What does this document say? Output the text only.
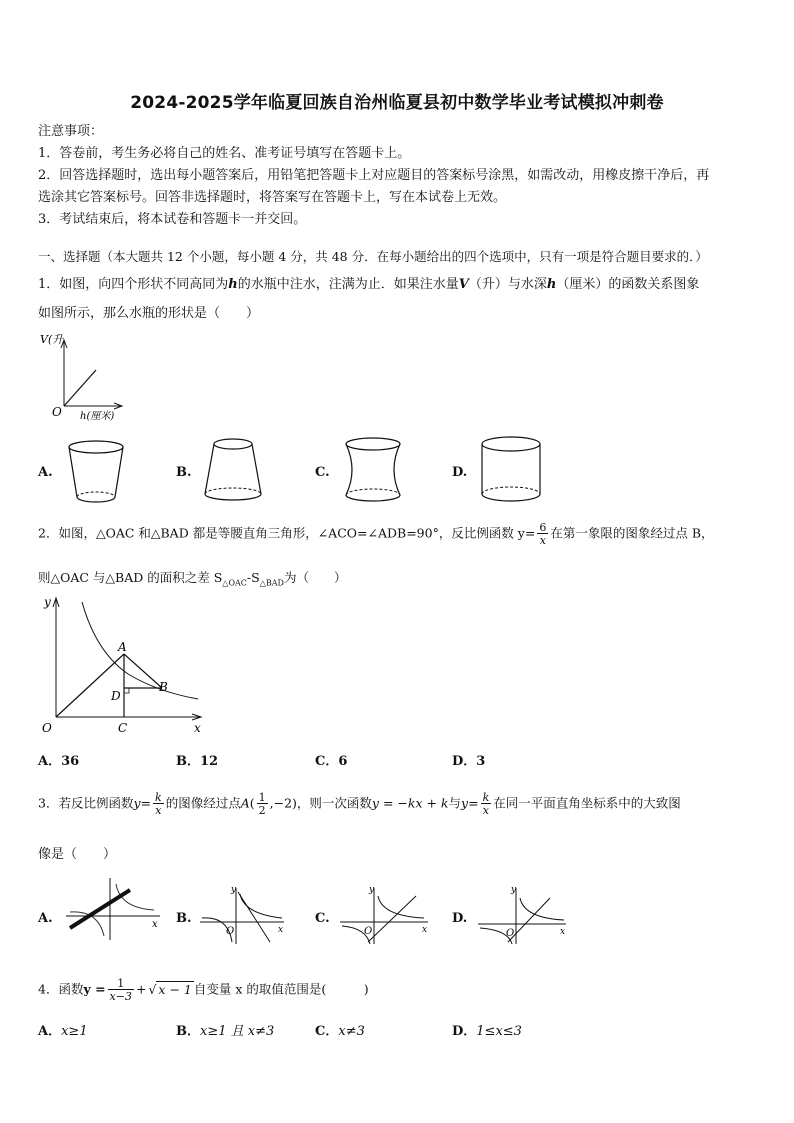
2024-2025学年临夏回族自治州临夏县初中数学毕业考试模拟冲刺卷
注意事项：
1．答卷前，考生务必将自己的姓名、准考证号填写在答题卡上。
2．回答选择题时，选出每小题答案后，用铅笔把答题卡上对应题目的答案标号涂黑，如需改动，用橡皮擦干净后，再
选涂其它答案标号。回答非选择题时，将答案写在答题卡上，写在本试卷上无效。
3．考试结束后，将本试卷和答题卡一并交回。
一、选择题（本大题共 12 个小题，每小题 4 分，共 48 分．在每小题给出的四个选项中，只有一项是符合题目要求的．）
1．如图，向四个形状不同高同为h的水瓶中注水，注满为止．如果注水量V（升）与水深h（厘米）的函数关系图象
如图所示，那么水瓶的形状是（　　）
V(升
O h(厘米)
A.	B.	C.	D.
2．如图，△OAC 和△BAD 都是等腰直角三角形，∠ACO=∠ADB=90°，反比例函数 $y= \frac{6}{x}$ 在第一象限的图象经过点 B，
则△OAC 与△BAD 的面积之差 $S_{\triangle OAC}-S_{\triangle BAD}$为（　　）
y
x
O
A
B
C
D
A．36	B．12	C．6	D．3
3．若反比例函数$y= \frac{k}{x}$ 的图像经过点$A( \frac{1}{2} ,-2)$，则一次函数y = −kx + k与$y= \frac{k}{x}$ 在同一平面直角坐标系中的大致图
像是（　　）
A.	x B.
y
x
O
C.
y
x
O
D.
y
x
O
4．函数$y = \frac{1}{x-3}$ + √ x − 1 自变量 x 的取值范围是(　　　)
A．x≥1	B．x≥1 且 x≠3	C．x≠3	D．1≤x≤3
